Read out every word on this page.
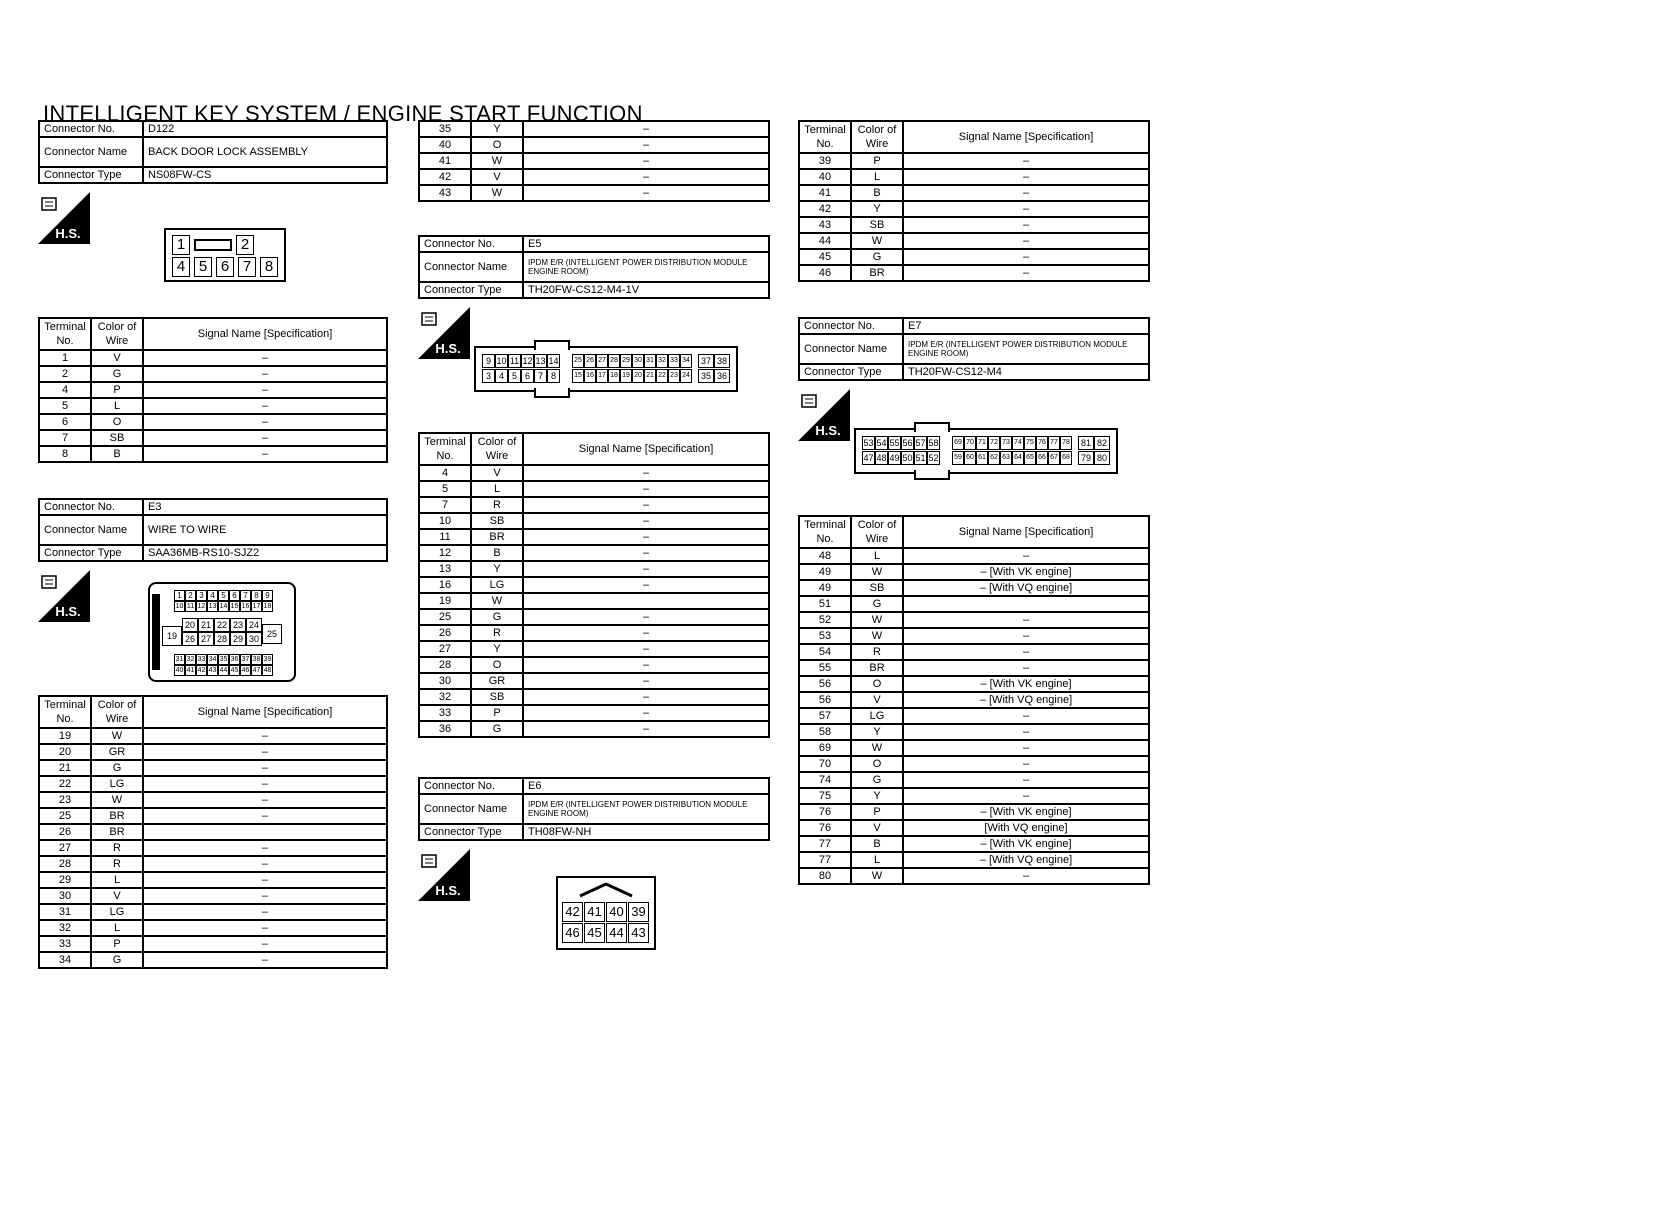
INTELLIGENT KEY SYSTEM / ENGINE START FUNCTION
Connector No.	D122
Connector Name	BACK DOOR LOCK ASSEMBLY
Connector Type	NS08FW-CS
H.S.
1	2
4 5 6 7 8
Terminal No.	Color of Wire	Signal Name [Specification]
1	V	–
2	G	–
4	P	–
5	L	–
6	O	–
7	SB	–
8	B	–
Connector No.	E3
Connector Name	WIRE TO WIRE
Connector Type	SAA36MB-RS10-SJZ2
H.S.
1
10
2
11
3
12
4
13
5
14
6
15
7
16
8
17
9
18
19
20
26
21
27
22
28
23
29
24
30 25
31
40
32
41
33
42
34
43
35
44
36
45
37
46
38
47
39
48
Terminal No.	Color of Wire	Signal Name [Specification]
19	W	–
20	GR	–
21	G	–
22	LG	–
23	W	–
25	BR	–
26	BR	
27	R	–
28	R	–
29	L	–
30	V	–
31	LG	–
32	L	–
33	P	–
34	G	–
35	Y	–
40	O	–
41	W	–
42	V	–
43	W	–
Connector No.	E5
Connector Name	IPDM E/R (INTELLIGENT POWER DISTRIBUTION MODULE ENGINE ROOM)
Connector Type	TH20FW-CS12-M4-1V
H.S.
9
3
10
4
11
5
12
6
13
7
14
8
25
15
26
16
27
17
28
18
29
19
30
20
31
21
32
22
33
23
34
24
37
35
38
36
Terminal No.	Color of Wire	Signal Name [Specification]
4	V	–
5	L	–
7	R	–
10	SB	–
11	BR	–
12	B	–
13	Y	–
16	LG	–
19	W	
25	G	–
26	R	–
27	Y	–
28	O	–
30	GR	–
32	SB	–
33	P	–
36	G	–
Connector No.	E6
Connector Name	IPDM E/R (INTELLIGENT POWER DISTRIBUTION MODULE ENGINE ROOM)
Connector Type	TH08FW-NH
H.S.
42
46
41
45
40
44
39
43
Terminal No.	Color of Wire	Signal Name [Specification]
39	P	–
40	L	–
41	B	–
42	Y	–
43	SB	–
44	W	–
45	G	–
46	BR	–
Connector No.	E7
Connector Name	IPDM E/R (INTELLIGENT POWER DISTRIBUTION MODULE ENGINE ROOM)
Connector Type	TH20FW-CS12-M4
H.S.
53
47
54
48
55
49
56
50
57
51
58
52
69
59
70
60
71
61
72
62
73
63
74
64
75
65
76
66
77
67
78
68
81
79
82
80
Terminal No.	Color of Wire	Signal Name [Specification]
48	L	–
49	W	– [With VK engine]
49	SB	– [With VQ engine]
51	G	
52	W	–
53	W	–
54	R	–
55	BR	–
56	O	– [With VK engine]
56	V	– [With VQ engine]
57	LG	–
58	Y	–
69	W	–
70	O	–
74	G	–
75	Y	–
76	P	– [With VK engine]
76	V	[With VQ engine]
77	B	– [With VK engine]
77	L	– [With VQ engine]
80	W	–
